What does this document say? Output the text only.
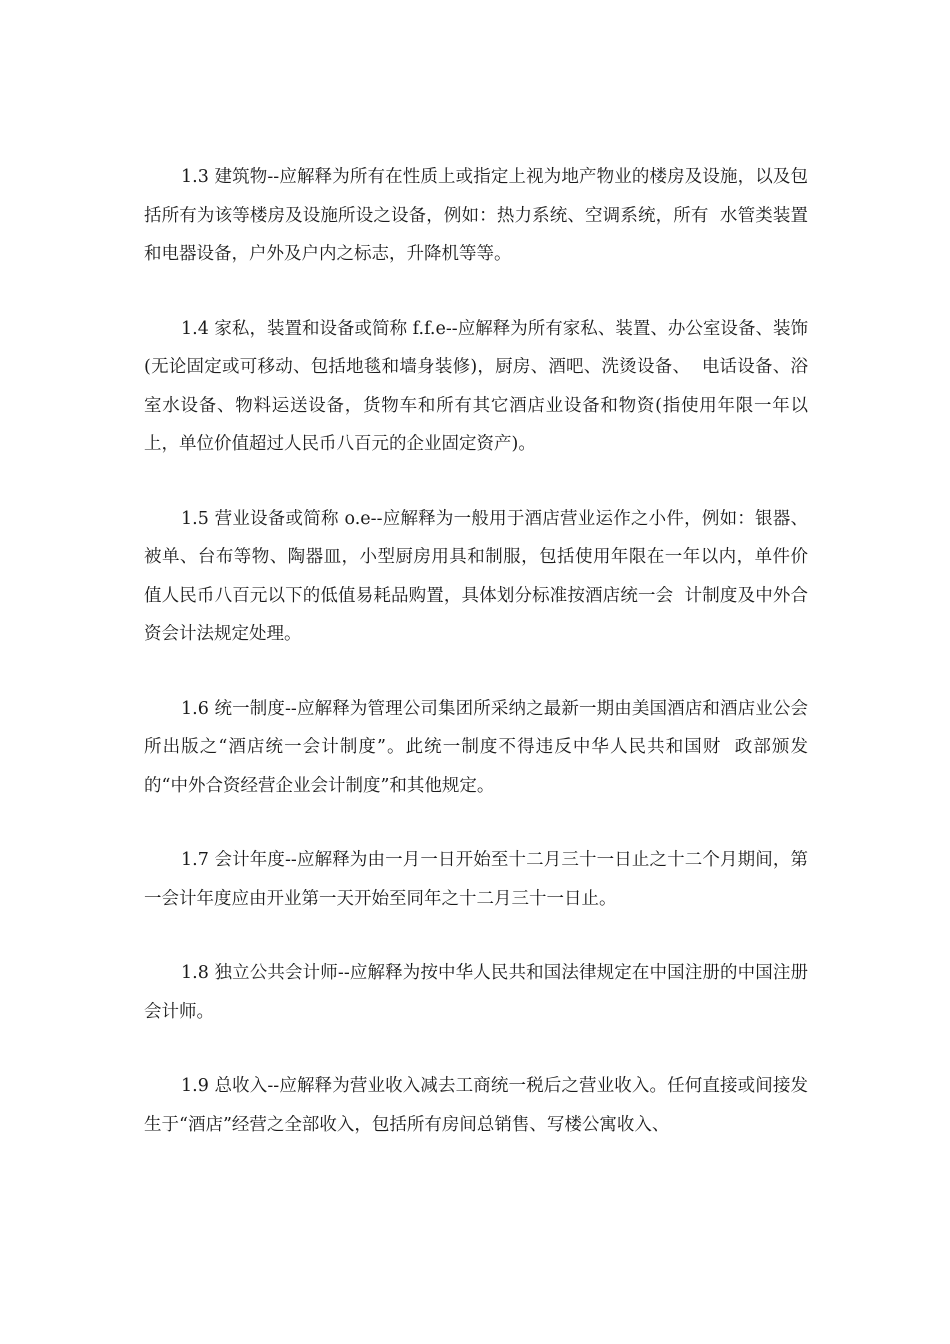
1.3 建筑物--应解释为所有在性质上或指定上视为地产物业的楼房及设施，以及包括所有为该等楼房及设施所设之设备，例如：热力系统、空调系统，所有  水管类装置和电器设备，户外及户内之标志，升降机等等。

1.4 家私，装置和设备或简称 f.f.e--应解释为所有家私、装置、办公室设备、装饰(无论固定或可移动、包括地毯和墙身装修)，厨房、酒吧、洗烫设备、  电话设备、浴室水设备、物料运送设备，货物车和所有其它酒店业设备和物资(指使用年限一年以上，单位价值超过人民币八百元的企业固定资产)。

1.5 营业设备或简称 o.e--应解释为一般用于酒店营业运作之小件，例如：银器、被单、台布等物、陶器皿，小型厨房用具和制服，包括使用年限在一年以内，单件价值人民币八百元以下的低值易耗品购置，具体划分标准按酒店统一会  计制度及中外合资会计法规定处理。

1.6 统一制度--应解释为管理公司集团所采纳之最新一期由美国酒店和酒店业公会所出版之“酒店统一会计制度”。此统一制度不得违反中华人民共和国财  政部颁发的“中外合资经营企业会计制度”和其他规定。

1.7 会计年度--应解释为由一月一日开始至十二月三十一日止之十二个月期间，第一会计年度应由开业第一天开始至同年之十二月三十一日止。

1.8 独立公共会计师--应解释为按中华人民共和国法律规定在中国注册的中国注册会计师。

1.9 总收入--应解释为营业收入减去工商统一税后之营业收入。任何直接或间接发生于“酒店”经营之全部收入，包括所有房间总销售、写楼公寓收入、
